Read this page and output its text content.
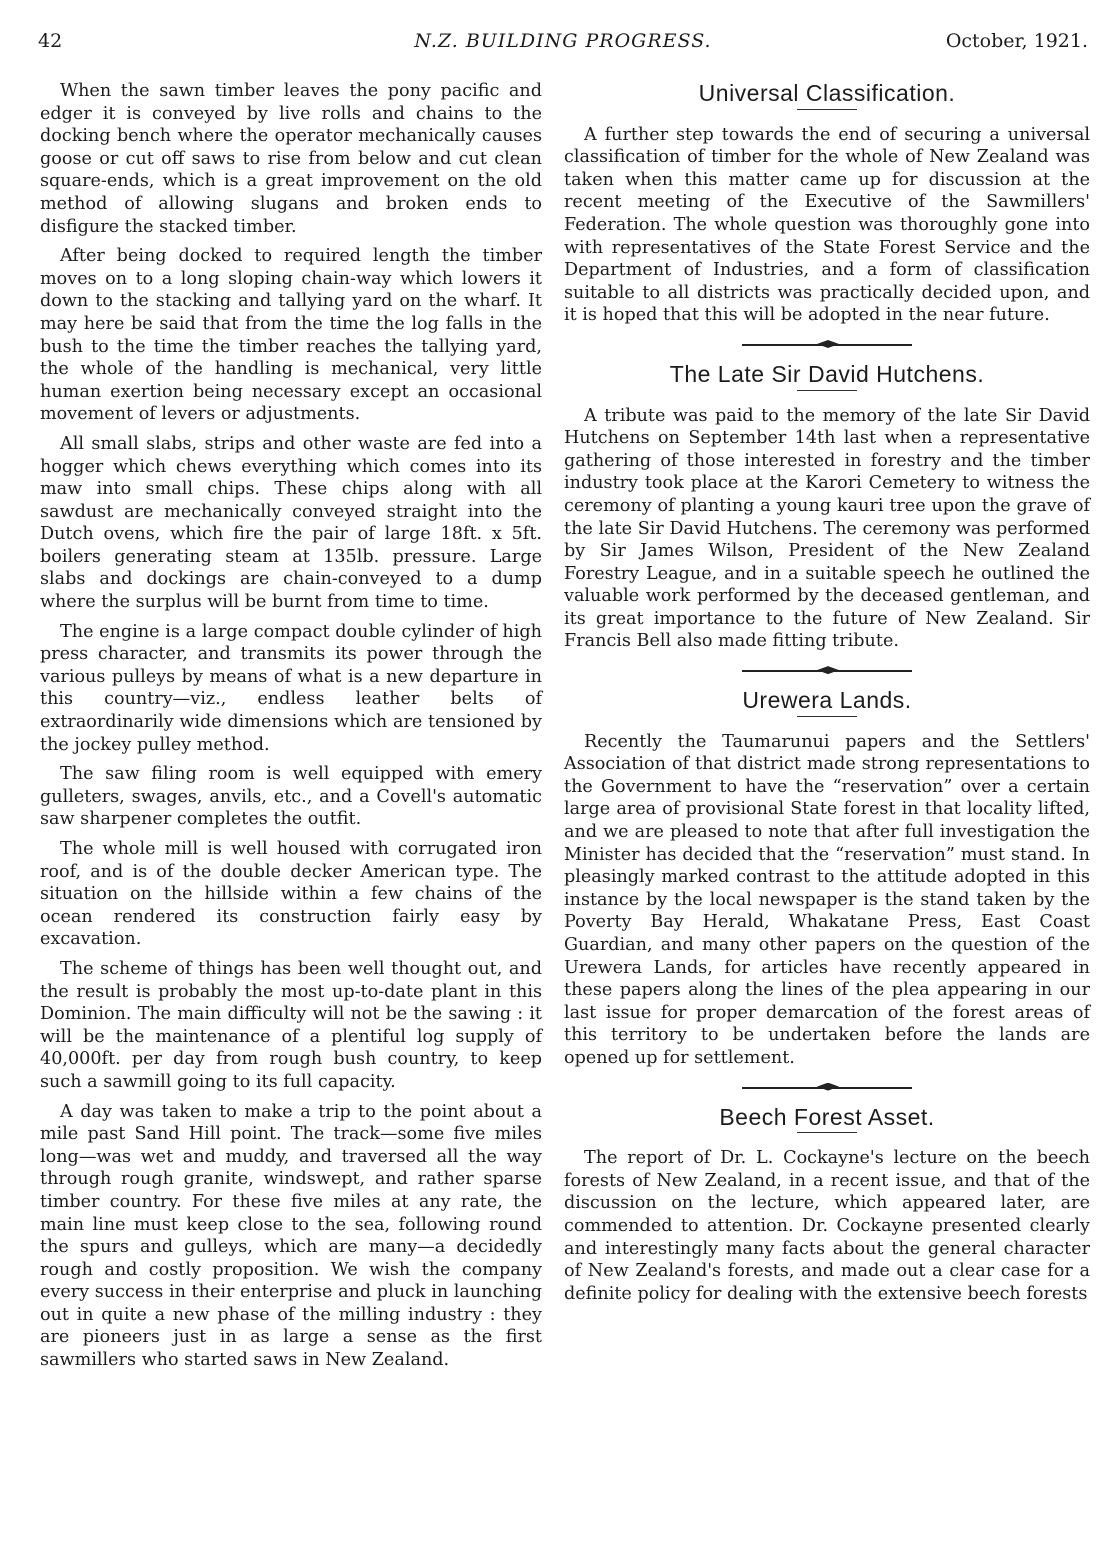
42	N.Z. BUILDING PROGRESS.	October, 1921.

When the sawn timber leaves the pony pacific and edger it is conveyed by live rolls and chains to the docking bench where the operator mechanically causes goose or cut off saws to rise from below and cut clean square-ends, which is a great improvement on the old method of allowing slugans and broken ends to disfigure the stacked timber.

After being docked to required length the timber moves on to a long sloping chain-way which lowers it down to the stacking and tallying yard on the wharf. It may here be said that from the time the log falls in the bush to the time the timber reaches the tallying yard, the whole of the handling is mechanical, very little human exertion being necessary except an occasional movement of levers or adjustments.

All small slabs, strips and other waste are fed into a hogger which chews everything which comes into its maw into small chips. These chips along with all sawdust are mechanically conveyed straight into the Dutch ovens, which fire the pair of large 18ft. x 5ft. boilers generating steam at 135lb. pressure. Large slabs and dockings are chain-conveyed to a dump where the surplus will be burnt from time to time.

The engine is a large compact double cylinder of high press character, and transmits its power through the various pulleys by means of what is a new departure in this country—viz., endless leather belts of extraordinarily wide dimensions which are tensioned by the jockey pulley method.

The saw filing room is well equipped with emery gulleters, swages, anvils, etc., and a Covell's automatic saw sharpener completes the outfit.

The whole mill is well housed with corrugated iron roof, and is of the double decker American type. The situation on the hillside within a few chains of the ocean rendered its construction fairly easy by excavation.

The scheme of things has been well thought out, and the result is probably the most up-to-date plant in this Dominion. The main difficulty will not be the sawing : it will be the maintenance of a plentiful log supply of 40,000ft. per day from rough bush country, to keep such a sawmill going to its full capacity.

A day was taken to make a trip to the point about a mile past Sand Hill point. The track—some five miles long—was wet and muddy, and traversed all the way through rough granite, windswept, and rather sparse timber country. For these five miles at any rate, the main line must keep close to the sea, following round the spurs and gulleys, which are many—a decidedly rough and costly proposition. We wish the company every success in their enterprise and pluck in launching out in quite a new phase of the milling industry : they are pioneers just in as large a sense as the first sawmillers who started saws in New Zealand.

Universal Classification.

A further step towards the end of securing a universal classification of timber for the whole of New Zealand was taken when this matter came up for discussion at the recent meeting of the Executive of the Sawmillers' Federation. The whole question was thoroughly gone into with representatives of the State Forest Service and the Department of Industries, and a form of classification suitable to all districts was practically decided upon, and it is hoped that this will be adopted in the near future.

The Late Sir David Hutchens.

A tribute was paid to the memory of the late Sir David Hutchens on September 14th last when a representative gathering of those interested in forestry and the timber industry took place at the Karori Cemetery to witness the ceremony of planting a young kauri tree upon the grave of the late Sir David Hutchens. The ceremony was performed by Sir James Wilson, President of the New Zealand Forestry League, and in a suitable speech he outlined the valuable work performed by the deceased gentleman, and its great importance to the future of New Zealand. Sir Francis Bell also made fitting tribute.

Urewera Lands.

Recently the Taumarunui papers and the Settlers' Association of that district made strong representations to the Government to have the “reservation” over a certain large area of provisional State forest in that locality lifted, and we are pleased to note that after full investigation the Minister has decided that the “reservation” must stand. In pleasingly marked contrast to the attitude adopted in this instance by the local newspaper is the stand taken by the Poverty Bay Herald, Whakatane Press, East Coast Guardian, and many other papers on the question of the Urewera Lands, for articles have recently appeared in these papers along the lines of the plea appearing in our last issue for proper demarcation of the forest areas of this territory to be undertaken before the lands are opened up for settlement.

Beech Forest Asset.

The report of Dr. L. Cockayne's lecture on the beech forests of New Zealand, in a recent issue, and that of the discussion on the lecture, which appeared later, are commended to attention. Dr. Cockayne presented clearly and interestingly many facts about the general character of New Zealand's forests, and made out a clear case for a definite policy for dealing with the extensive beech forests
